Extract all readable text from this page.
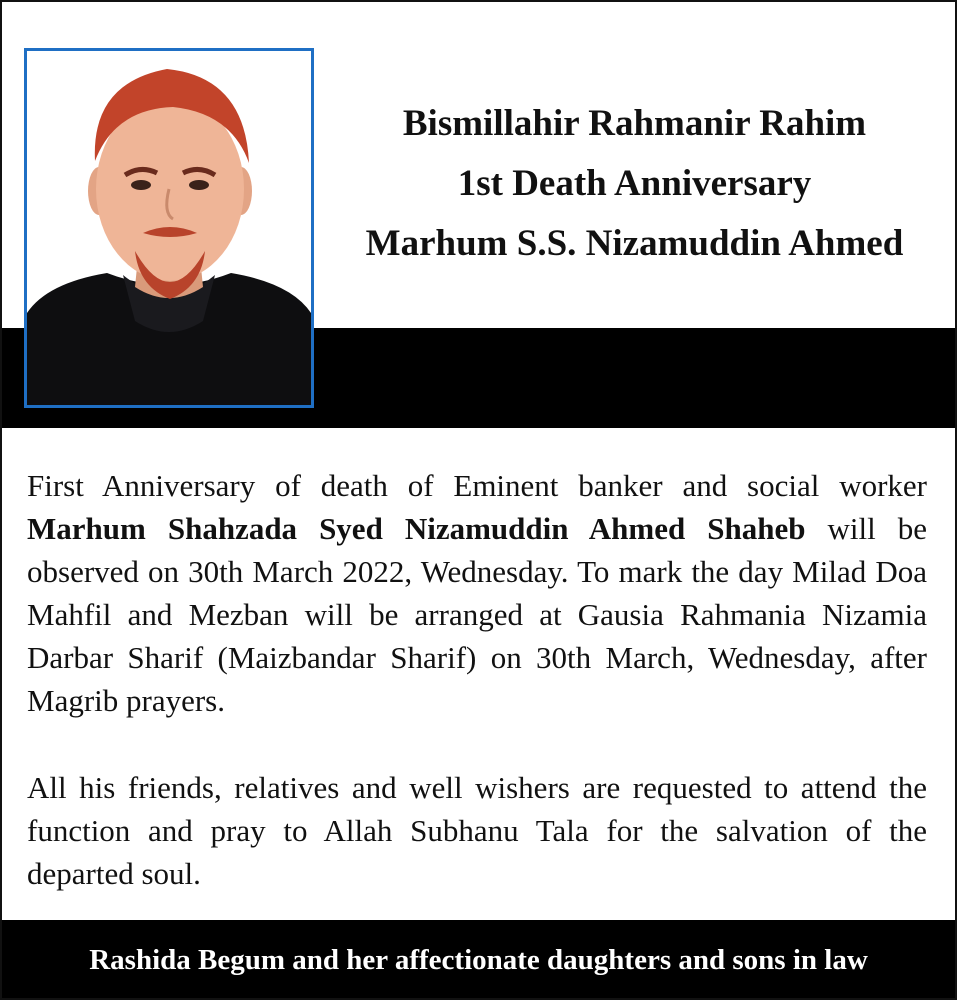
Bismillahir Rahmanir Rahim
1st Death Anniversary
Marhum S.S. Nizamuddin Ahmed

First Anniversary of death of Eminent banker and social worker Marhum Shahzada Syed Nizamuddin Ahmed Shaheb will be observed on 30th March 2022, Wednesday. To mark the day Milad Doa Mahfil and Mezban will be arranged at Gausia Rahmania Nizamia Darbar Sharif (Maizbandar Sharif) on 30th March, Wednesday, after Magrib prayers.

All his friends, relatives and well wishers are requested to attend the function and pray to Allah Subhanu Tala for the salvation of the departed soul.

Rashida Begum and her affectionate daughters and sons in law
